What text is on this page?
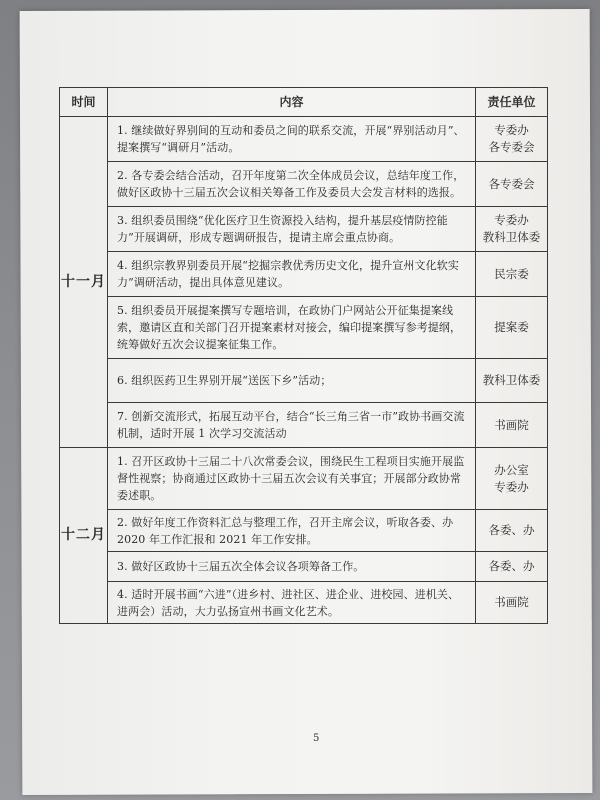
时间	内容	责任单位
十一月	1. 继续做好界别间的互动和委员之间的联系交流，开展“界别活动月”、提案撰写“调研月”活动。	专委办
各专委会

	2. 各专委会结合活动，召开年度第二次全体成员会议，总结年度工作，做好区政协十三届五次会议相关筹备工作及委员大会发言材料的选报。	各专委会

	3. 组织委员围绕“优化医疗卫生资源投入结构，提升基层疫情防控能力”开展调研，形成专题调研报告，提请主席会重点协商。	专委办
教科卫体委

	4. 组织宗教界别委员开展“挖掘宗教优秀历史文化，提升宣州文化软实力”调研活动，提出具体意见建议。	民宗委

	5. 组织委员开展提案撰写专题培训，在政协门户网站公开征集提案线索，邀请区直和关部门召开提案素材对接会，编印提案撰写参考提纲，统筹做好五次会议提案征集工作。	提案委

	6. 组织医药卫生界别开展“送医下乡”活动；	教科卫体委

	7. 创新交流形式，拓展互动平台，结合“长三角三省一市”政协书画交流机制，适时开展 1 次学习交流活动	书画院

十二月	1. 召开区政协十三届二十八次常委会议，围绕民生工程项目实施开展监督性视察；协商通过区政协十三届五次会议有关事宜；开展部分政协常委述职。	办公室
专委办

	2. 做好年度工作资料汇总与整理工作，召开主席会议，听取各委、办 2020 年工作汇报和 2021 年工作安排。	各委、办

	3. 做好区政协十三届五次全体会议各项筹备工作。	各委、办

	4. 适时开展书画“六进”（进乡村、进社区、进企业、进校园、进机关、进两会）活动，大力弘扬宣州书画文化艺术。	书画院
5
